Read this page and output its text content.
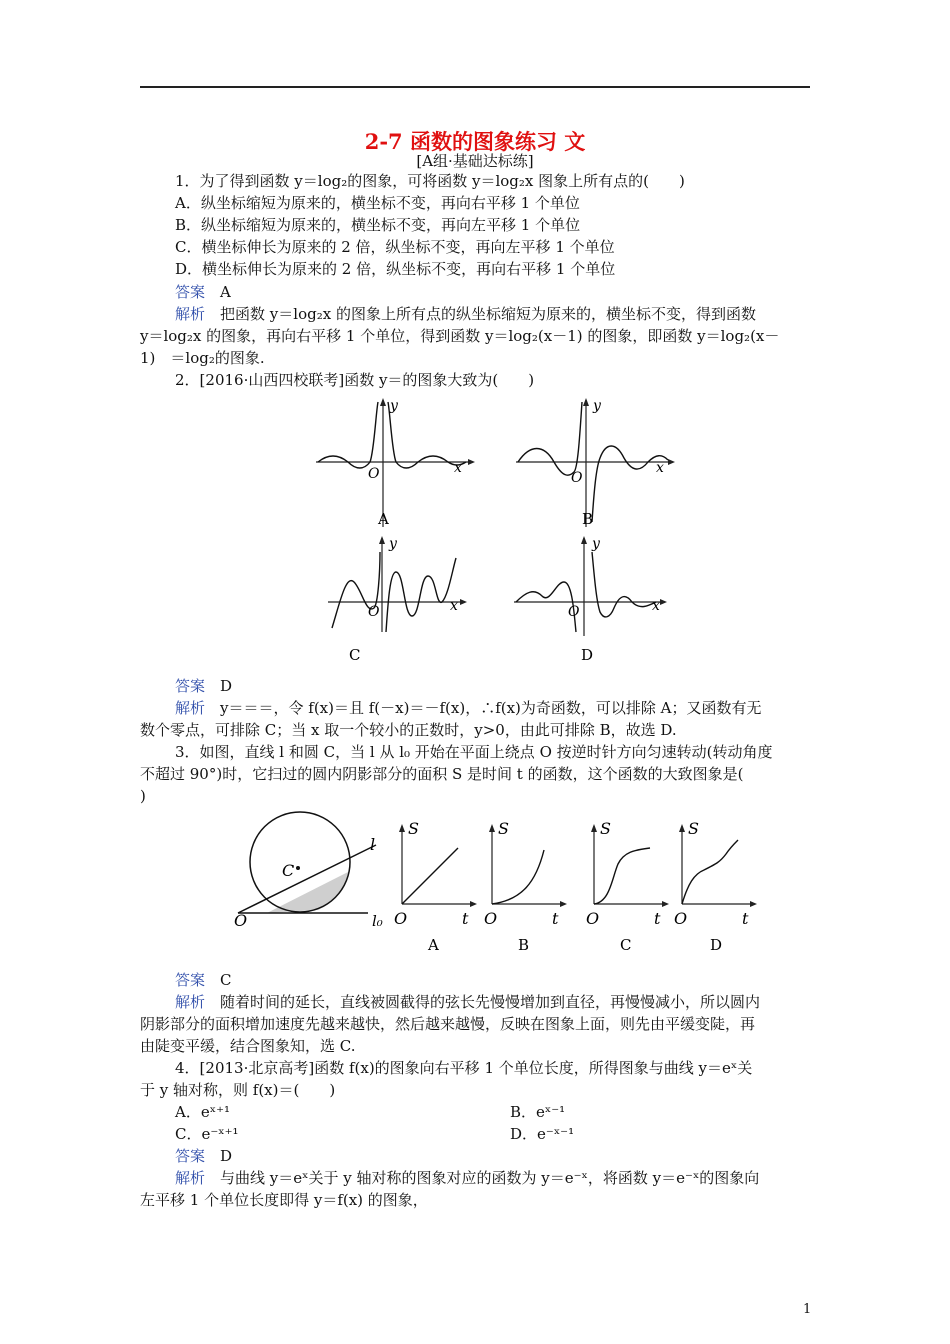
2-7 函数的图象练习 文
[A组·基础达标练]
1．为了得到函数 y＝log₂的图象，可将函数 y＝log₂x 图象上所有点的(　　)
A．纵坐标缩短为原来的，横坐标不变，再向右平移 1 个单位
B．纵坐标缩短为原来的，横坐标不变，再向左平移 1 个单位
C．横坐标伸长为原来的 2 倍，纵坐标不变，再向左平移 1 个单位
D．横坐标伸长为原来的 2 倍，纵坐标不变，再向右平移 1 个单位
答案　 A
解析　 把函数 y＝log₂x 的图象上所有点的纵坐标缩短为原来的，横坐标不变，得到函数
y＝log₂x 的图象，再向右平移 1 个单位，得到函数 y＝log₂(x－1) 的图象，即函数 y＝log₂(x－
1)　＝log₂的图象.
2．[2016·山西四校联考]函数 y＝的图象大致为(　　)
x
y
O
A
x
y
O
B
x
y
O
C
x
y
O
D
答案　 D
解析　 y＝＝＝，令 f(x)＝且 f(－x)＝－f(x)，∴f(x)为奇函数，可以排除 A；又函数有无
数个零点，可排除 C；当 x 取一个较小的正数时，y>0，由此可排除 B，故选 D.
3．如图，直线 l 和圆 C，当 l 从 l₀ 开始在平面上绕点 O 按逆时针方向匀速转动(转动角度
不超过 90°)时，它扫过的圆内阴影部分的面积 S 是时间 t 的函数，这个函数的大致图象是(
)
C
l
l₀
O
S
t
O
A
S
t
O
B
S
t
O
C
S
t
O
D
答案　 C
解析　 随着时间的延长，直线被圆截得的弦长先慢慢增加到直径，再慢慢减小，所以圆内
阴影部分的面积增加速度先越来越快，然后越来越慢，反映在图象上面，则先由平缓变陡，再
由陡变平缓，结合图象知，选 C.
4．[2013·北京高考]函数 f(x)的图象向右平移 1 个单位长度，所得图象与曲线 y＝eˣ关
于 y 轴对称，则 f(x)＝(　　)
A．eˣ⁺¹	B．eˣ⁻¹
C．e⁻ˣ⁺¹	D．e⁻ˣ⁻¹
答案　 D
解析　 与曲线 y＝eˣ关于 y 轴对称的图象对应的函数为 y＝e⁻ˣ，将函数 y＝e⁻ˣ的图象向
左平移 1 个单位长度即得 y＝f(x) 的图象，
1
